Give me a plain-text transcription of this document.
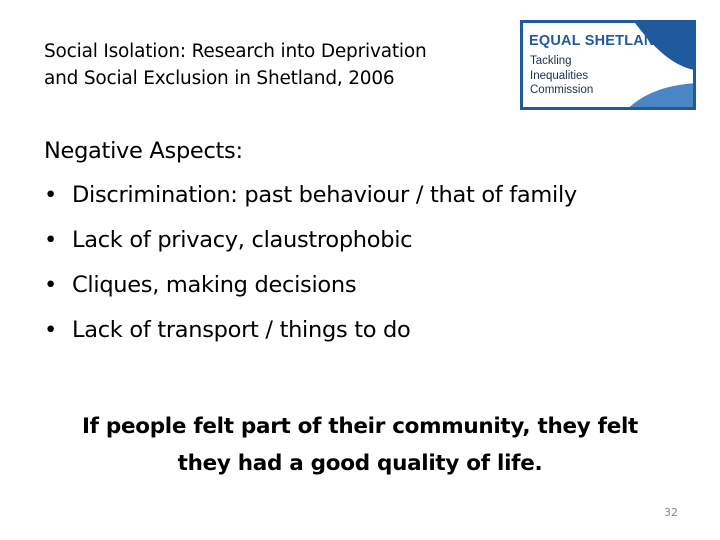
Social Isolation: Research into Deprivation
and Social Exclusion in Shetland, 2006
EQUAL SHETLAND
Tackling
Inequalities
Commission
Negative Aspects:
• Discrimination: past behaviour / that of family
• Lack of privacy, claustrophobic
• Cliques, making decisions
• Lack of transport / things to do
If people felt part of their community, they felt
they had a good quality of life.
32
